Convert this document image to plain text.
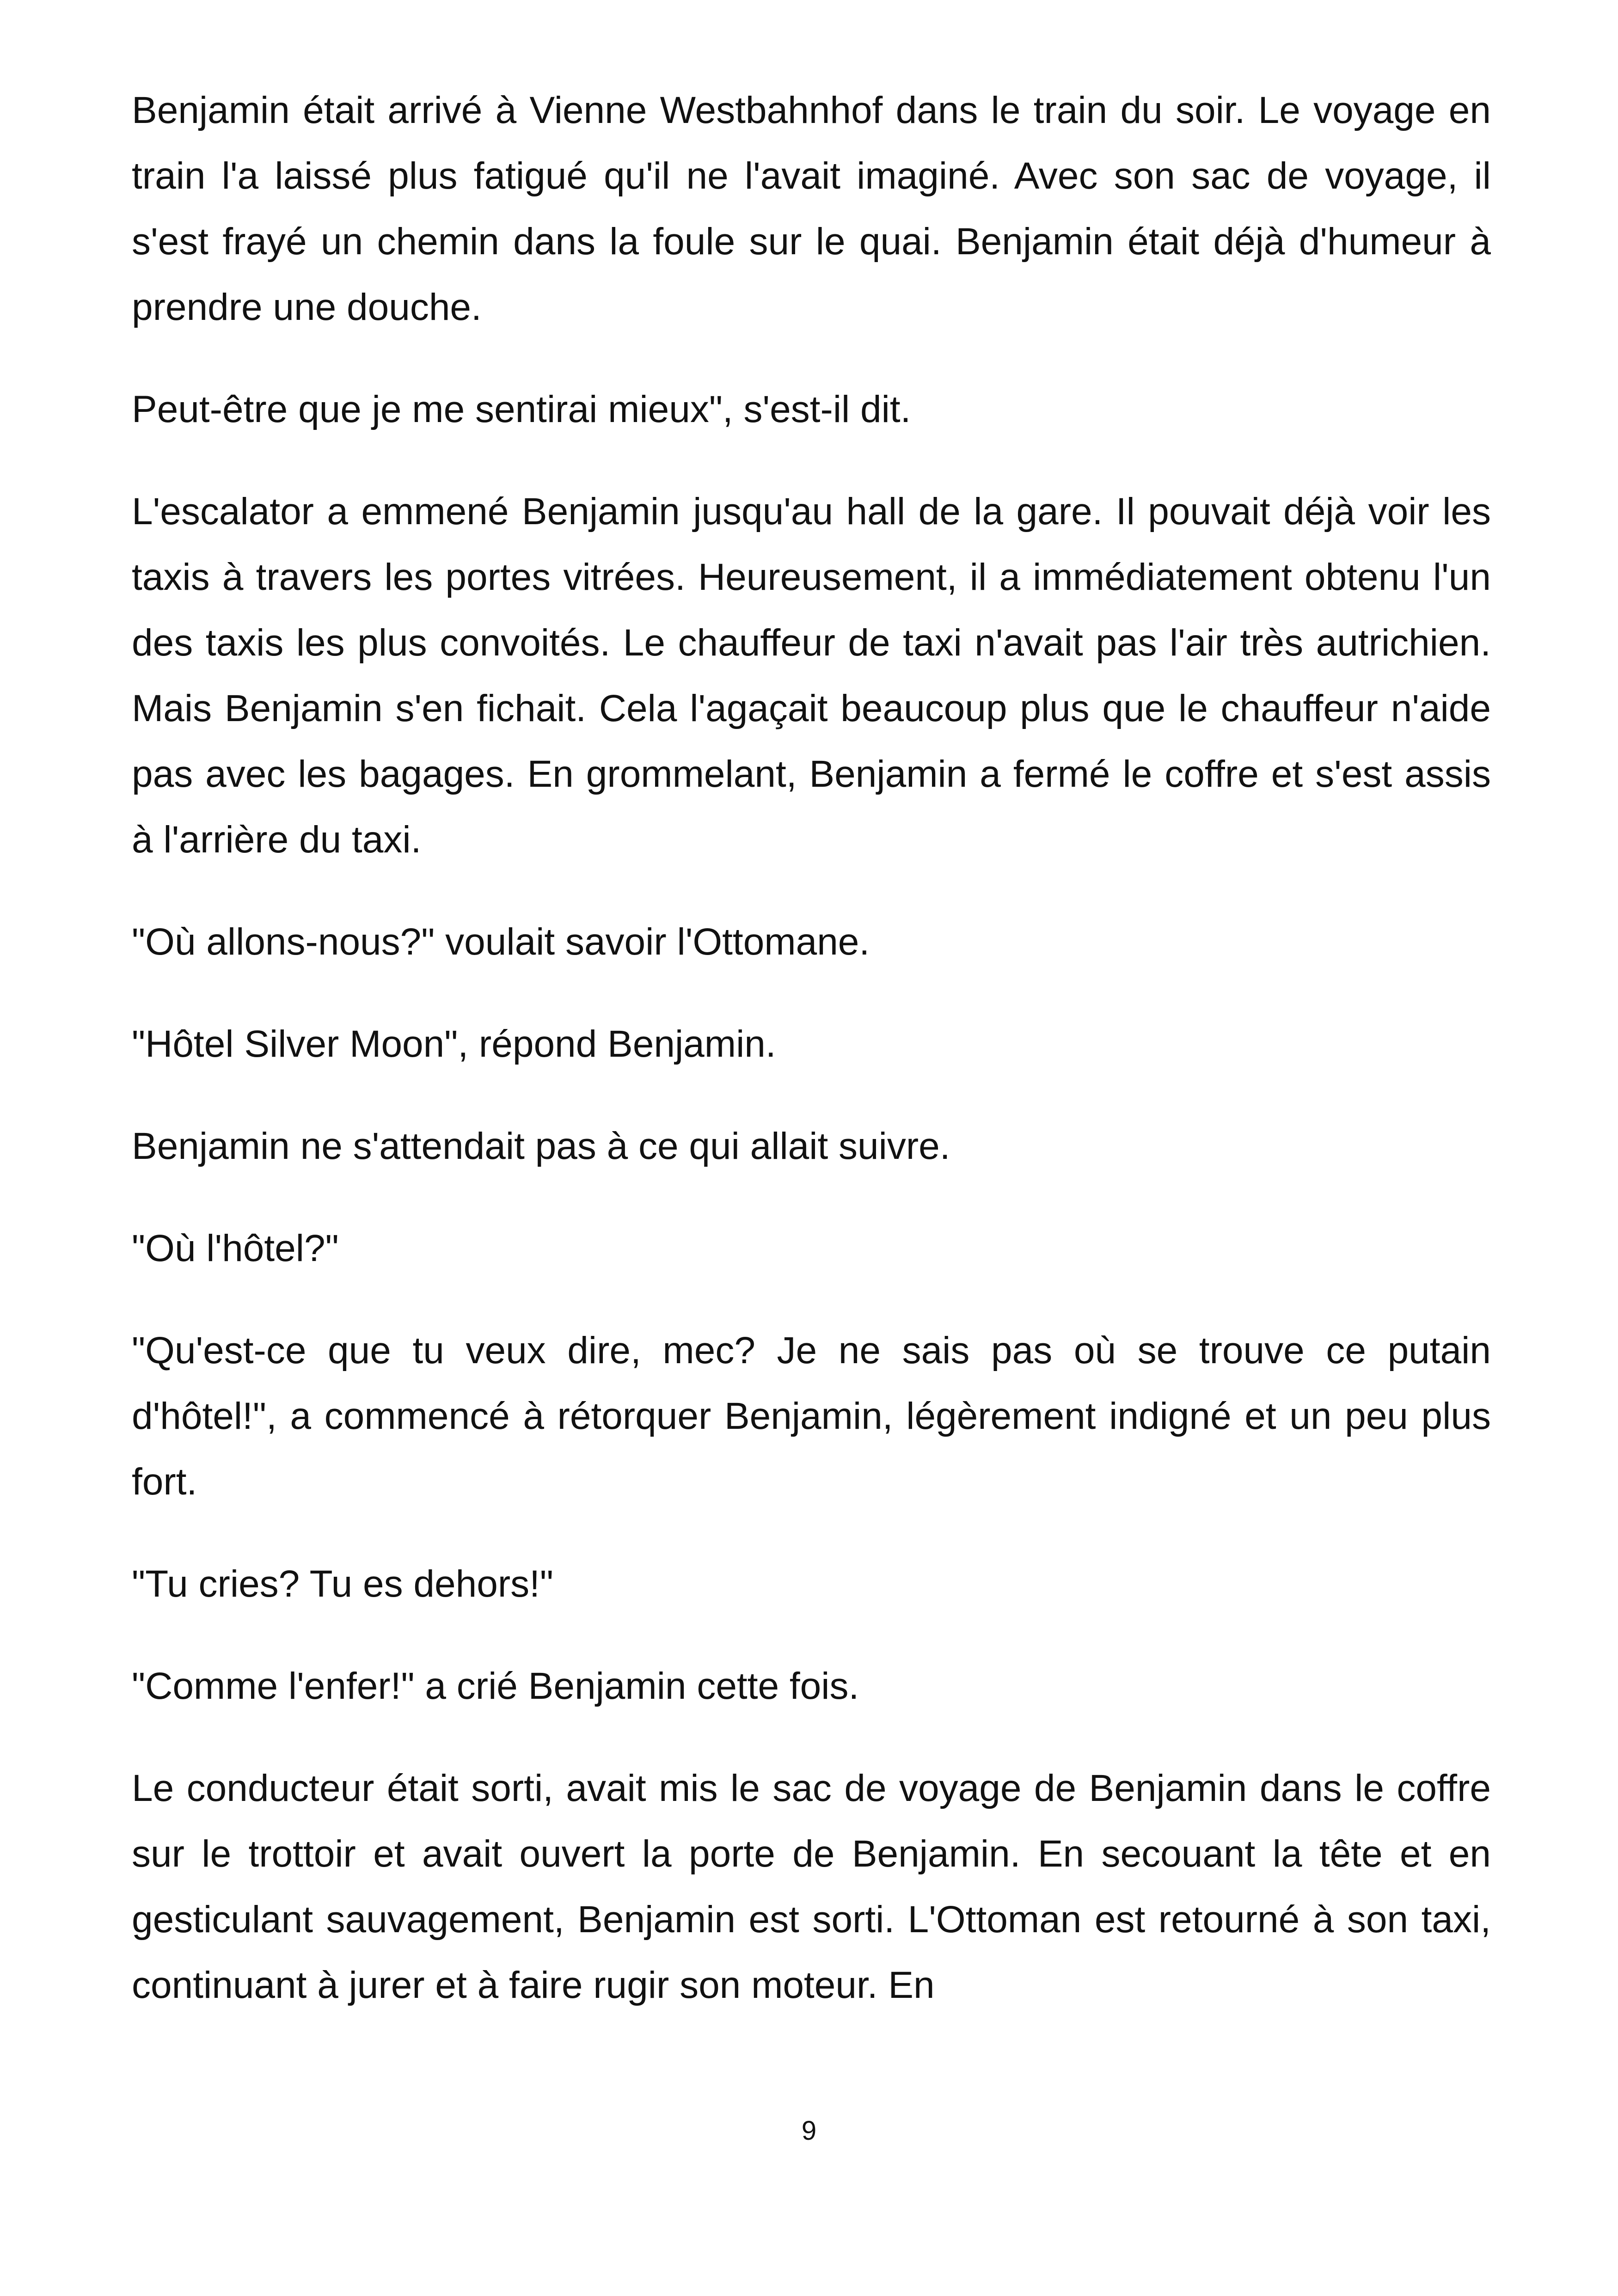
Benjamin était arrivé à Vienne Westbahnhof dans le train du soir. Le voyage en train l'a laissé plus fatigué qu'il ne l'avait imaginé. Avec son sac de voyage, il s'est frayé un chemin dans la foule sur le quai. Benjamin était déjà d'humeur à prendre une douche.

Peut-être que je me sentirai mieux", s'est-il dit.

L'escalator a emmené Benjamin jusqu'au hall de la gare. Il pouvait déjà voir les taxis à travers les portes vitrées. Heureusement, il a immédiatement obtenu l'un des taxis les plus convoités. Le chauffeur de taxi n'avait pas l'air très autrichien. Mais Benjamin s'en fichait. Cela l'agaçait beaucoup plus que le chauffeur n'aide pas avec les bagages. En grommelant, Benjamin a fermé le coffre et s'est assis à l'arrière du taxi.

"Où allons-nous?" voulait savoir l'Ottomane.

"Hôtel Silver Moon", répond Benjamin.

Benjamin ne s'attendait pas à ce qui allait suivre.

"Où l'hôtel?"

"Qu'est-ce que tu veux dire, mec? Je ne sais pas où se trouve ce putain d'hôtel!", a commencé à rétorquer Benjamin, légèrement indigné et un peu plus fort.

"Tu cries? Tu es dehors!"

"Comme l'enfer!" a crié Benjamin cette fois.

Le conducteur était sorti, avait mis le sac de voyage de Benjamin dans le coffre sur le trottoir et avait ouvert la porte de Benjamin. En secouant la tête et en gesticulant sauvagement, Benjamin est sorti. L'Ottoman est retourné à son taxi, continuant à jurer et à faire rugir son moteur. En

9
